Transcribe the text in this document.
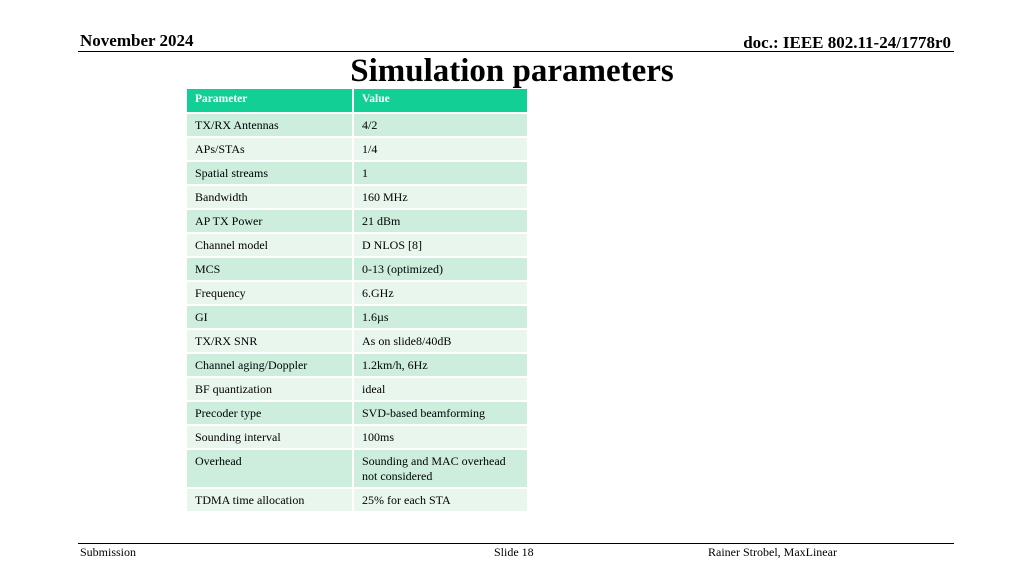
November 2024	doc.: IEEE 802.11-24/1778r0
Simulation parameters
Parameter	Value
TX/RX Antennas	4/2
APs/STAs	1/4
Spatial streams	1
Bandwidth	160 MHz
AP TX Power	21 dBm
Channel model	D NLOS [8]
MCS	0-13 (optimized)
Frequency	6.GHz
GI	1.6µs
TX/RX SNR	As on slide8/40dB
Channel aging/Doppler	1.2km/h, 6Hz
BF quantization	ideal
Precoder type	SVD-based beamforming
Sounding interval	100ms
Overhead	Sounding and MAC overhead not considered
TDMA time allocation	25% for each STA
Submission	Slide 18	Rainer Strobel, MaxLinear
